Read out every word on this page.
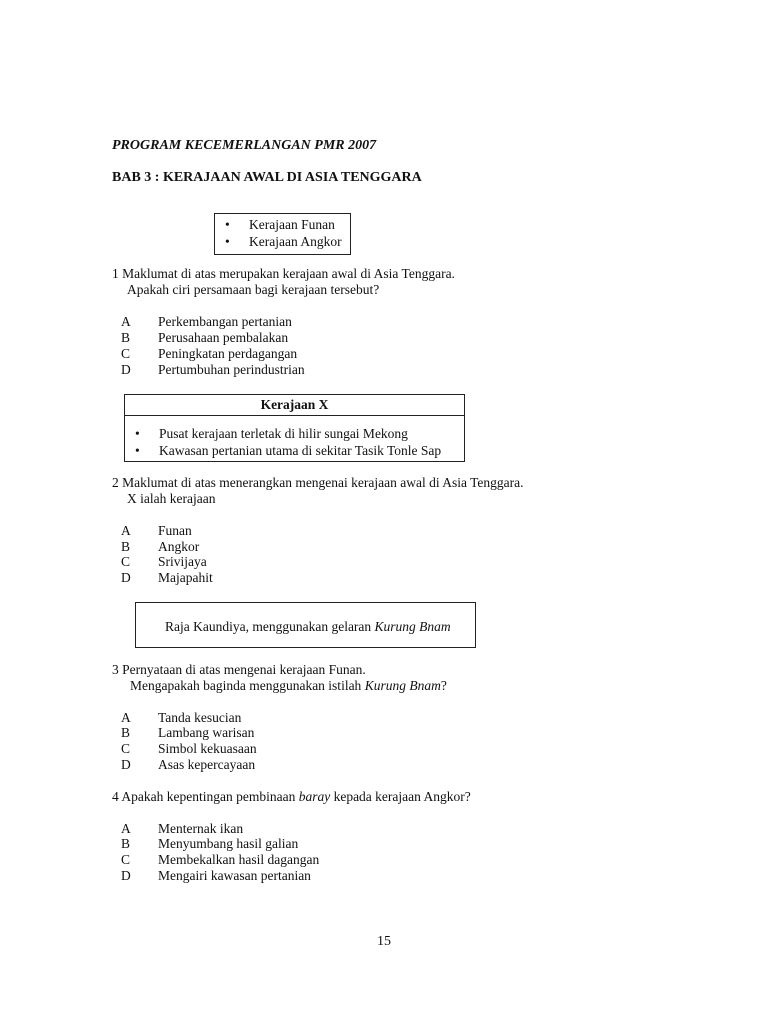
PROGRAM KECEMERLANGAN PMR 2007
BAB 3 : KERAJAAN AWAL DI ASIA TENGGARA
• Kerajaan Funan
• Kerajaan Angkor
1 Maklumat di atas merupakan kerajaan awal di Asia Tenggara.
Apakah ciri persamaan bagi kerajaan tersebut?
A Perkembangan pertanian
B Perusahaan pembalakan
C Peningkatan perdagangan
D Pertumbuhan perindustrian
Kerajaan X
• Pusat kerajaan terletak di hilir sungai Mekong
• Kawasan pertanian utama di sekitar Tasik Tonle Sap
2 Maklumat di atas menerangkan mengenai kerajaan awal di Asia Tenggara.
X ialah kerajaan
A Funan
B Angkor
C Srivijaya
D Majapahit
Raja Kaundiya, menggunakan gelaran Kurung Bnam
3 Pernyataan di atas mengenai kerajaan Funan.
Mengapakah baginda menggunakan istilah Kurung Bnam?
A Tanda kesucian
B Lambang warisan
C Simbol kekuasaan
D Asas kepercayaan
4 Apakah kepentingan pembinaan baray kepada kerajaan Angkor?
A Menternak ikan
B Menyumbang hasil galian
C Membekalkan hasil dagangan
D Mengairi kawasan pertanian
15
